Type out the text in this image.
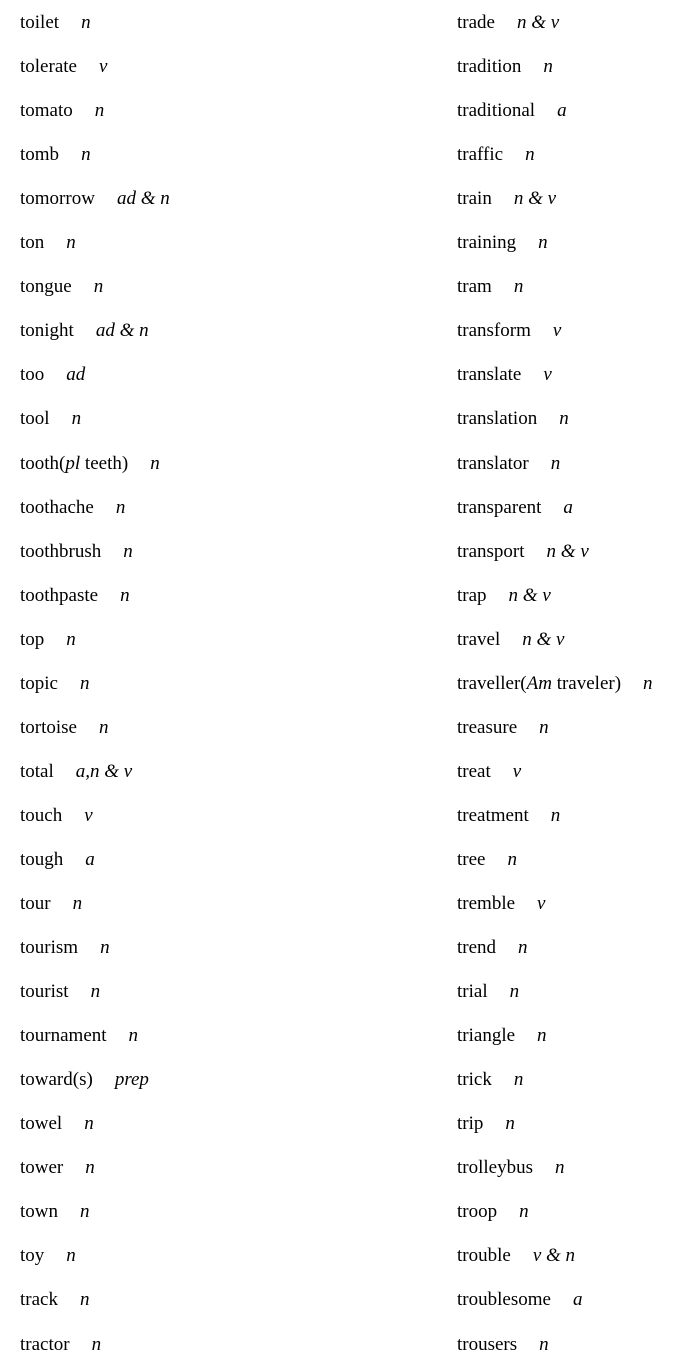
toilet n
tolerate v
tomato n
tomb n
tomorrow ad & n
ton n
tongue n
tonight ad & n
too ad
tool n
tooth(pl teeth) n
toothache n
toothbrush n
toothpaste n
top n
topic n
tortoise n
total a,n & v
touch v
tough a
tour n
tourism n
tourist n
tournament n
toward(s) prep
towel n
tower n
town n
toy n
track n
tractor n
trade n & v
tradition n
traditional a
traffic n
train n & v
training n
tram n
transform v
translate v
translation n
translator n
transparent a
transport n & v
trap n & v
travel n & v
traveller(Am traveler) n
treasure n
treat v
treatment n
tree n
tremble v
trend n
trial n
triangle n
trick n
trip n
trolleybus n
troop n
trouble v & n
troublesome a
trousers n
